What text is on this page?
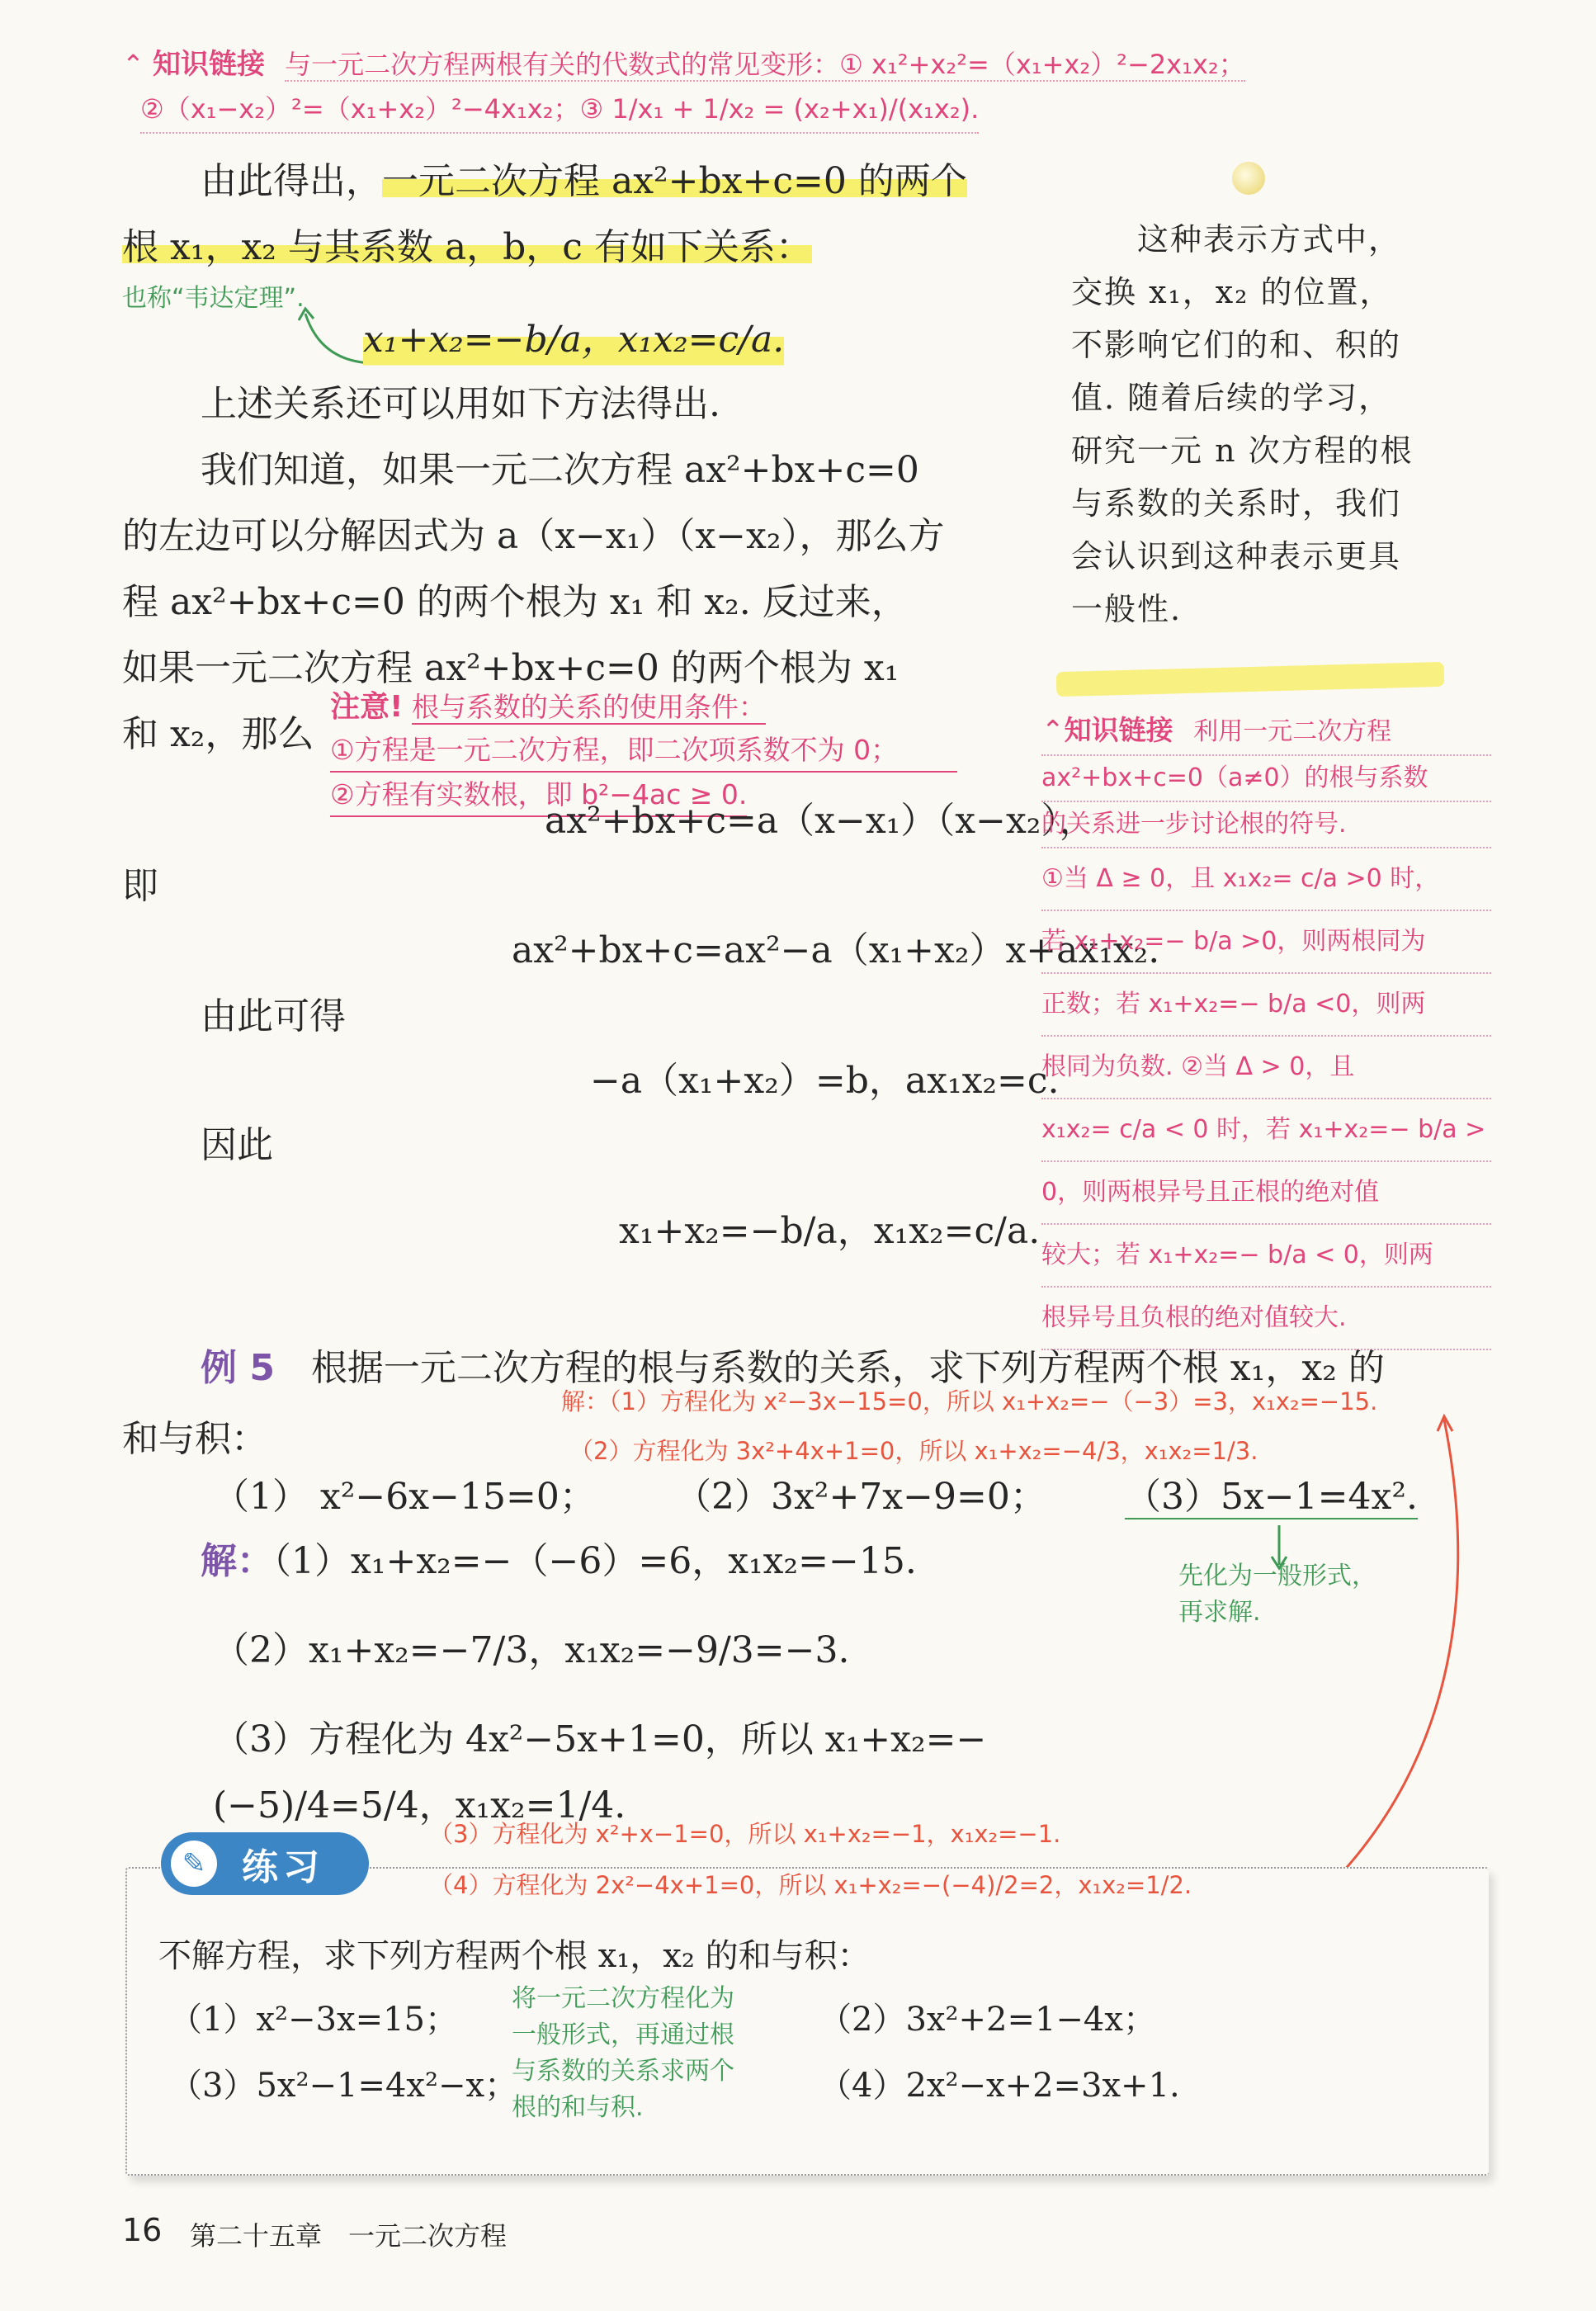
⌃ 知识链接 与一元二次方程两根有关的代数式的常见变形：① x₁²+x₂²=（x₁+x₂）²−2x₁x₂；
②（x₁−x₂）²=（x₁+x₂）²−4x₁x₂；③ 1/x₁ + 1/x₂ = (x₂+x₁)/(x₁x₂).
由此得出，一元二次方程 ax²+bx+c=0 的两个
根 x₁，x₂ 与其系数 a，b，c 有如下关系：
也称“韦达定理”.
x₁+x₂=−b/a，x₁x₂=c/a.
上述关系还可以用如下方法得出.
我们知道，如果一元二次方程 ax²+bx+c=0
的左边可以分解因式为 a（x−x₁）（x−x₂），那么方
程 ax²+bx+c=0 的两个根为 x₁ 和 x₂. 反过来，
如果一元二次方程 ax²+bx+c=0 的两个根为 x₁
和 x₂，那么
注意! 根与系数的关系的使用条件：
①方程是一元二次方程，即二次项系数不为 0；
②方程有实数根，即 b²−4ac ≥ 0.
ax²+bx+c=a（x−x₁）（x−x₂），
即
ax²+bx+c=ax²−a（x₁+x₂）x+ax₁x₂.
由此可得
−a（x₁+x₂）=b，ax₁x₂=c.
因此
x₁+x₂=−b/a，x₁x₂=c/a.
这种表示方式中，
交换 x₁，x₂ 的位置，
不影响它们的和、积的
值. 随着后续的学习，
研究一元 n 次方程的根
与系数的关系时，我们
会认识到这种表示更具
一般性.

⌃知识链接 利用一元二次方程

ax²+bx+c=0（a≠0）的根与系数

的关系进一步讨论根的符号.

①当 Δ ≥ 0，且 x₁x₂= c/a >0 时，

若 x₁+x₂=− b/a >0，则两根同为

正数；若 x₁+x₂=− b/a <0，则两

根同为负数. ②当 Δ > 0，且

x₁x₂= c/a < 0 时，若 x₁+x₂=− b/a >

0，则两根异号且正根的绝对值

较大；若 x₁+x₂=− b/a < 0，则两

根异号且负根的绝对值较大.

例 5　 根据一元二次方程的根与系数的关系，求下列方程两个根 x₁，x₂ 的
和与积：
解：（1）方程化为 x²−3x−15=0，所以 x₁+x₂=−（−3）=3，x₁x₂=−15.
（2）方程化为 3x²+4x+1=0，所以 x₁+x₂=−4/3，x₁x₂=1/3.
（1） x²−6x−15=0； （2）3x²+7x−9=0； （3）5x−1=4x².
先化为一般形式，
再求解.
解：（1）x₁+x₂=−（−6）=6，x₁x₂=−15.
（2）x₁+x₂=−7/3，x₁x₂=−9/3=−3.
（3）方程化为 4x²−5x+1=0，所以 x₁+x₂=−(−5)/4=5/4，x₁x₂=1/4.
✎ 练习
（3）方程化为 x²+x−1=0，所以 x₁+x₂=−1，x₁x₂=−1.
（4）方程化为 2x²−4x+1=0，所以 x₁+x₂=−(−4)/2=2，x₁x₂=1/2.
不解方程，求下列方程两个根 x₁，x₂ 的和与积：
（1）x²−3x=15；
（3）5x²−1=4x²−x；
（2）3x²+2=1−4x；
（4）2x²−x+2=3x+1.
将一元二次方程化为
一般形式，再通过根
与系数的关系求两个
根的和与积.
16 第二十五章　一元二次方程
